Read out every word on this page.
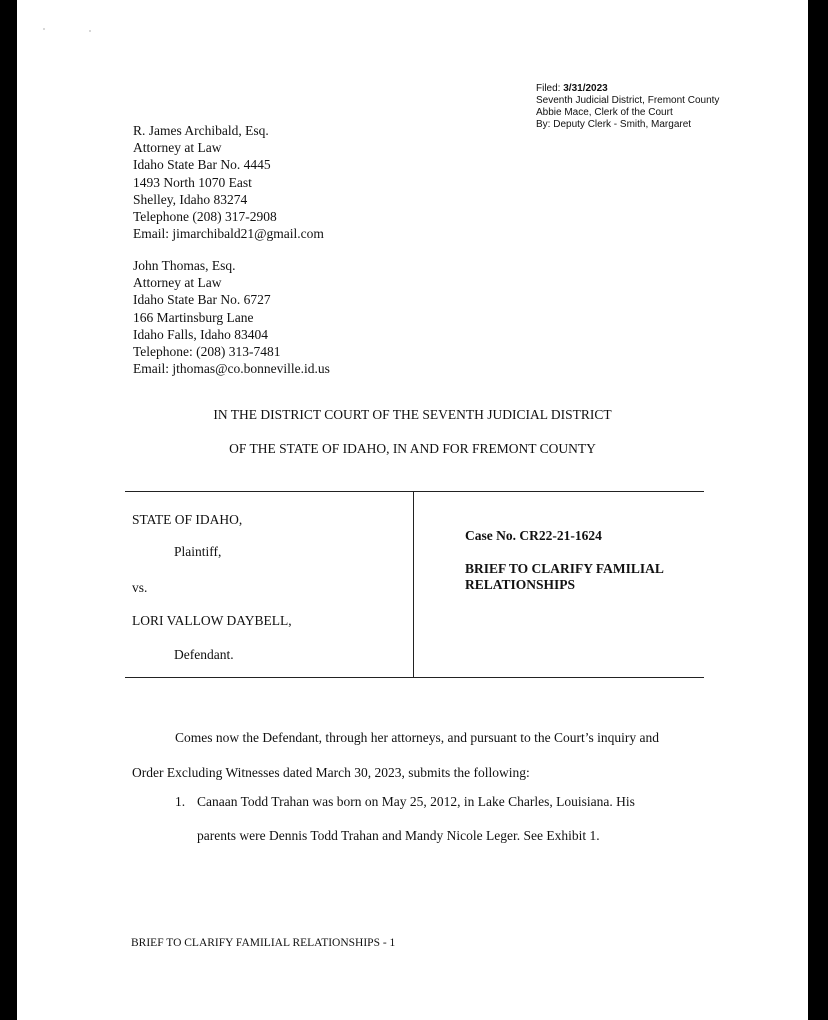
Filed: 3/31/2023
Seventh Judicial District, Fremont County
Abbie Mace, Clerk of the Court
By: Deputy Clerk - Smith, Margaret
R. James Archibald, Esq.
Attorney at Law
Idaho State Bar No. 4445
1493 North 1070 East
Shelley, Idaho 83274
Telephone (208) 317-2908
Email: jimarchibald21@gmail.com
John Thomas, Esq.
Attorney at Law
Idaho State Bar No. 6727
166 Martinsburg Lane
Idaho Falls, Idaho 83404
Telephone: (208) 313-7481
Email: jthomas@co.bonneville.id.us
IN THE DISTRICT COURT OF THE SEVENTH JUDICIAL DISTRICT
OF THE STATE OF IDAHO, IN AND FOR FREMONT COUNTY
STATE OF IDAHO,
Plaintiff,
vs.
LORI VALLOW DAYBELL,
Defendant.
Case No. CR22-21-1624
BRIEF TO CLARIFY FAMILIAL
RELATIONSHIPS
Comes now the Defendant, through her attorneys, and pursuant to the Court’s inquiry and
Order Excluding Witnesses dated March 30, 2023, submits the following:
1. Canaan Todd Trahan was born on May 25, 2012, in Lake Charles, Louisiana. His
parents were Dennis Todd Trahan and Mandy Nicole Leger. See Exhibit 1.
BRIEF TO CLARIFY FAMILIAL RELATIONSHIPS - 1
